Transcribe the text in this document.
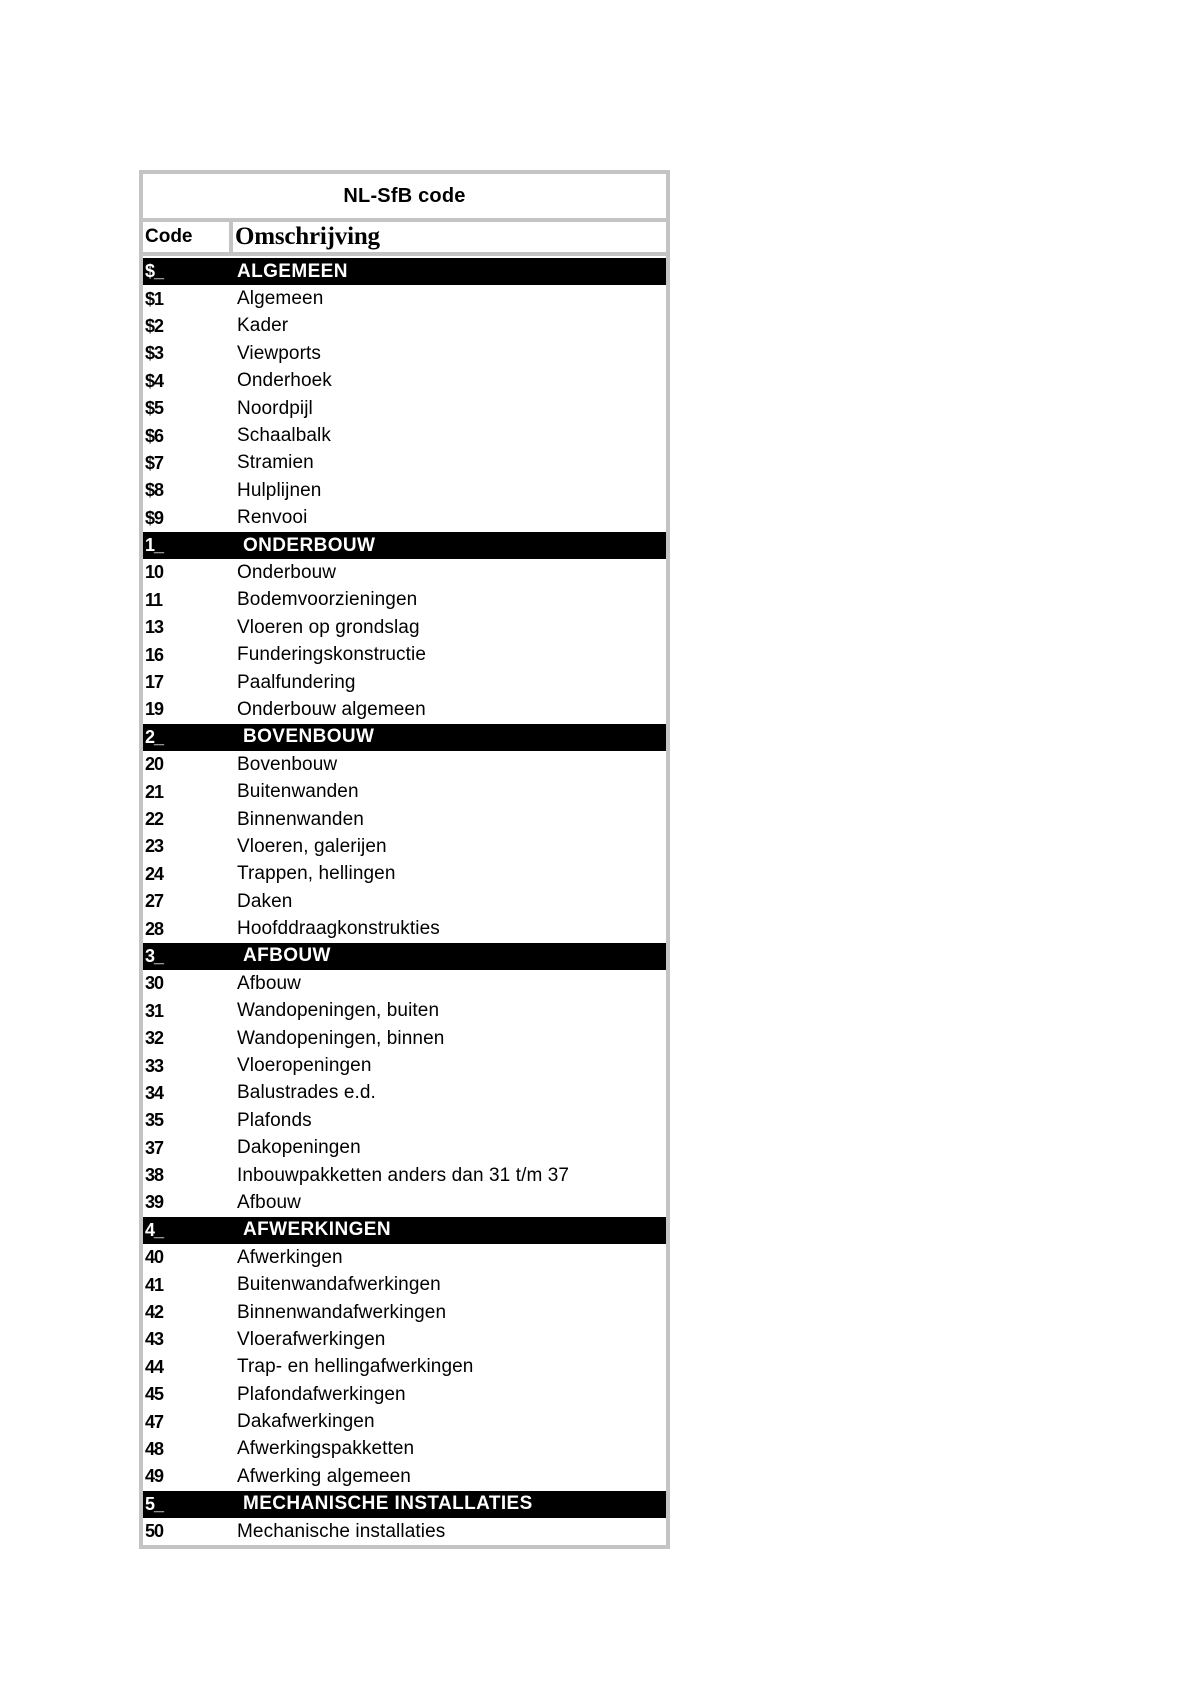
NL-SfB code
Code	Omschrijving
$_	ALGEMEEN
$1	Algemeen
$2	Kader
$3	Viewports
$4	Onderhoek
$5	Noordpijl
$6	Schaalbalk
$7	Stramien
$8	Hulplijnen
$9	Renvooi
1_	ONDERBOUW
10	Onderbouw
11	Bodemvoorzieningen
13	Vloeren op grondslag
16	Funderingskonstructie
17	Paalfundering
19	Onderbouw algemeen
2_	BOVENBOUW
20	Bovenbouw
21	Buitenwanden
22	Binnenwanden
23	Vloeren, galerijen
24	Trappen, hellingen
27	Daken
28	Hoofddraagkonstrukties
3_	AFBOUW
30	Afbouw
31	Wandopeningen, buiten
32	Wandopeningen, binnen
33	Vloeropeningen
34	Balustrades e.d.
35	Plafonds
37	Dakopeningen
38	Inbouwpakketten anders dan 31 t/m 37
39	Afbouw
4_	AFWERKINGEN
40	Afwerkingen
41	Buitenwandafwerkingen
42	Binnenwandafwerkingen
43	Vloerafwerkingen
44	Trap- en hellingafwerkingen
45	Plafondafwerkingen
47	Dakafwerkingen
48	Afwerkingspakketten
49	Afwerking algemeen
5_	MECHANISCHE INSTALLATIES
50	Mechanische installaties
